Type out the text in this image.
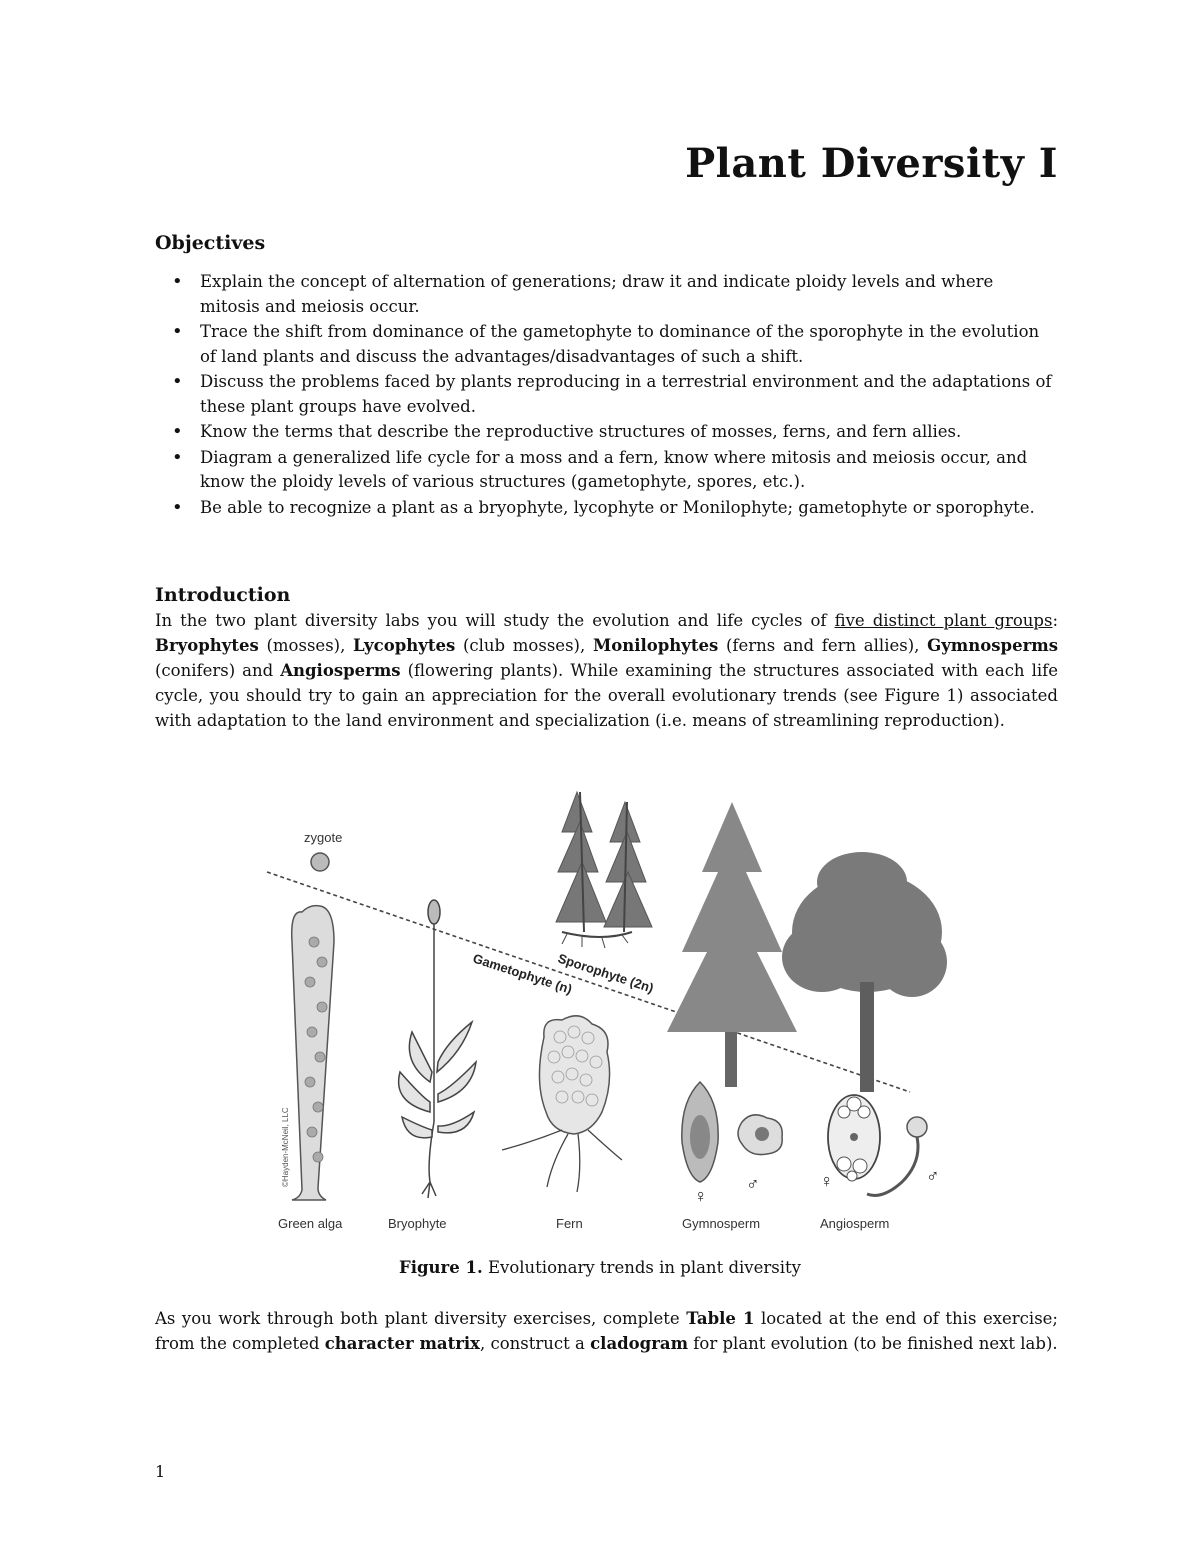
Plant Diversity I
Objectives
• Explain the concept of alternation of generations; draw it and indicate ploidy levels and where mitosis and meiosis occur.
• Trace the shift from dominance of the gametophyte to dominance of the sporophyte in the evolution of land plants and discuss the advantages/disadvantages of such a shift.
• Discuss the problems faced by plants reproducing in a terrestrial environment and the adaptations of these plant groups have evolved.
• Know the terms that describe the reproductive structures of mosses, ferns, and fern allies.
• Diagram a generalized life cycle for a moss and a fern, know where mitosis and meiosis occur, and know the ploidy levels of various structures (gametophyte, spores, etc.).
• Be able to recognize a plant as a bryophyte, lycophyte or Monilophyte; gametophyte or sporophyte.
Introduction

In the two plant diversity labs you will study the evolution and life cycles of five distinct plant groups: Bryophytes (mosses), Lycophytes (club mosses), Monilophytes (ferns and fern allies), Gymnosperms (conifers) and Angiosperms (flowering plants). While examining the structures associated with each life cycle, you should try to gain an appreciation for the overall evolutionary trends (see Figure 1) associated with adaptation to the land environment and specialization (i.e. means of streamlining reproduction).

zygote
©Hayden-McNeil, LLC
Sporophyte (2n)
Gametophyte (n)
♀
♂	♀	♂
Green alga	Bryophyte	Fern	Gymnosperm	Angiosperm
Figure 1. Evolutionary trends in plant diversity

As you work through both plant diversity exercises, complete Table 1 located at the end of this exercise; from the completed character matrix, construct a cladogram for plant evolution (to be finished next lab).

1
